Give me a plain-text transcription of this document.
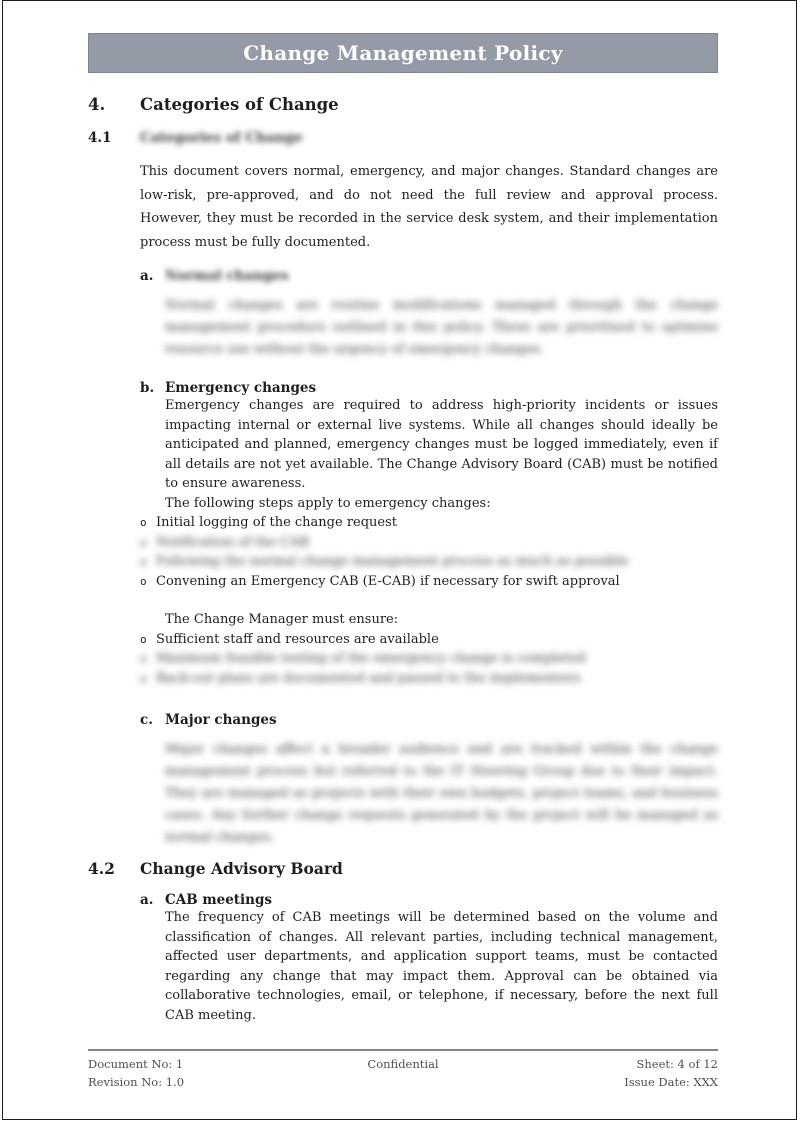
Change Management Policy
4.	Categories of Change
4.1	Categories of Change
This document covers normal, emergency, and major changes. Standard changes are low-risk, pre-approved, and do not need the full review and approval process. However, they must be recorded in the service desk system, and their implementation process must be fully documented.
a. Normal changes
Normal changes are routine modifications managed through the change management procedure outlined in this policy. These are prioritised to optimise resource use without the urgency of emergency changes.
b. Emergency changes
Emergency changes are required to address high-priority incidents or issues impacting internal or external live systems. While all changes should ideally be anticipated and planned, emergency changes must be logged immediately, even if all details are not yet available. The Change Advisory Board (CAB) must be notified to ensure awareness.
The following steps apply to emergency changes:
o Initial logging of the change request
o Notification of the CAB
o Following the normal change management process as much as possible
o Convening an Emergency CAB (E-CAB) if necessary for swift approval
The Change Manager must ensure:
o Sufficient staff and resources are available
o Maximum feasible testing of the emergency change is completed
o Back-out plans are documented and passed to the implementers
c. Major changes
Major changes affect a broader audience and are tracked within the change management process but referred to the IT Steering Group due to their impact. They are managed as projects with their own budgets, project teams, and business cases. Any further change requests generated by the project will be managed as normal changes.
4.2	Change Advisory Board
a. CAB meetings
The frequency of CAB meetings will be determined based on the volume and classification of changes. All relevant parties, including technical management, affected user departments, and application support teams, must be contacted regarding any change that may impact them. Approval can be obtained via collaborative technologies, email, or telephone, if necessary, before the next full CAB meeting.
Document No: 1
Revision No: 1.0
Confidential	Sheet: 4 of 12
Issue Date: XXX
